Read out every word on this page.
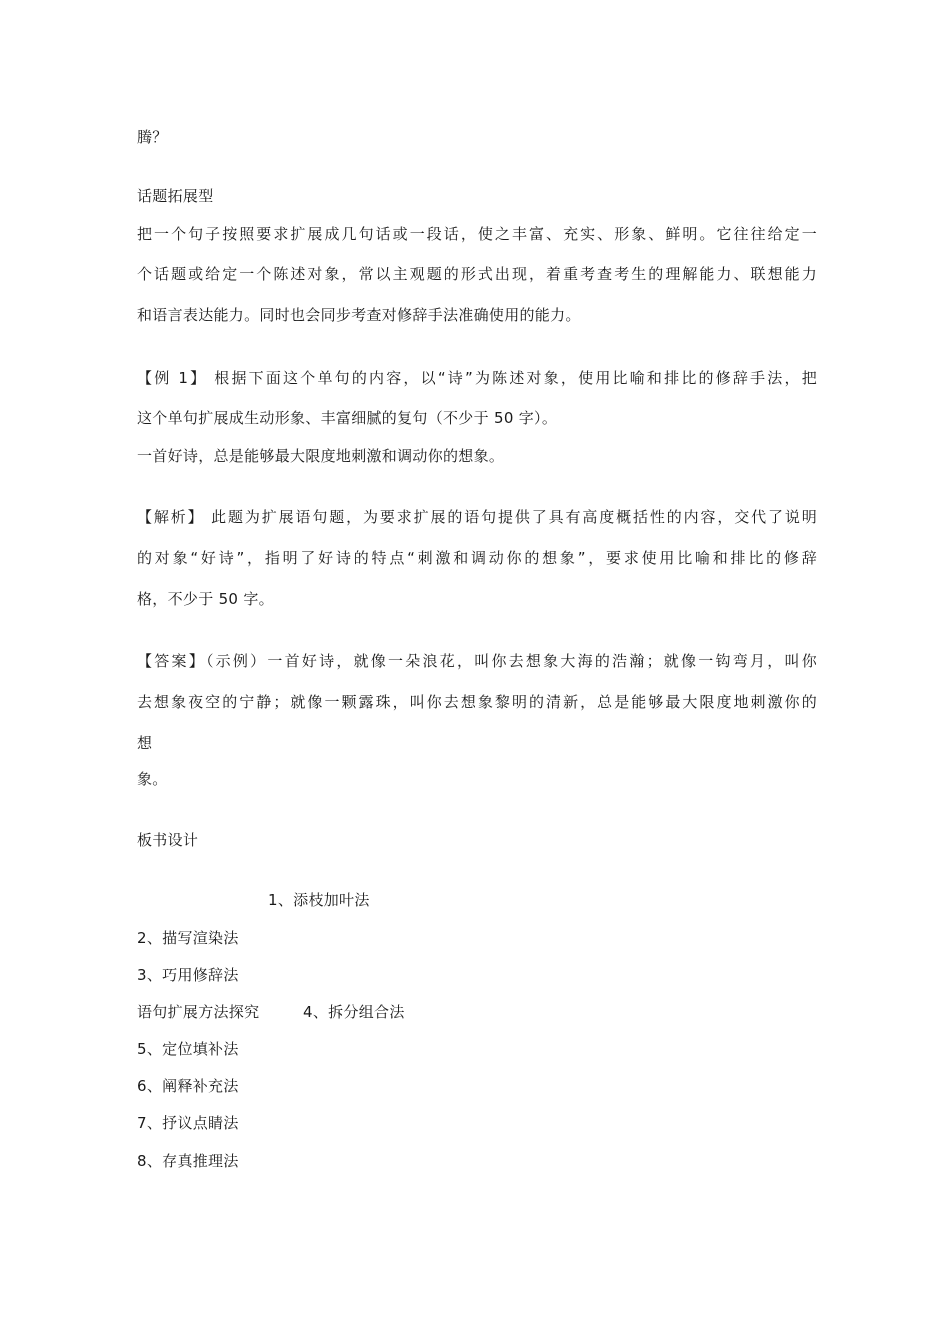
腾？
话题拓展型
把一个句子按照要求扩展成几句话或一段话，使之丰富、充实、形象、鲜明。它往往给定一
个话题或给定一个陈述对象，常以主观题的形式出现，着重考查考生的理解能力、联想能力
和语言表达能力。同时也会同步考查对修辞手法准确使用的能力。
【例 1】 根据下面这个单句的内容，以“诗”为陈述对象，使用比喻和排比的修辞手法，把
这个单句扩展成生动形象、丰富细腻的复句（不少于 50 字）。
一首好诗，总是能够最大限度地刺激和调动你的想象。
【解析】 此题为扩展语句题，为要求扩展的语句提供了具有高度概括性的内容，交代了说明
的对象“好诗”，指明了好诗的特点“刺激和调动你的想象”，要求使用比喻和排比的修辞
格，不少于 50 字。
【答案】（示例）一首好诗，就像一朵浪花，叫你去想象大海的浩瀚；就像一钩弯月，叫你
去想象夜空的宁静；就像一颗露珠，叫你去想象黎明的清新，总是能够最大限度地刺激你的
想
象。
板书设计
1、添枝加叶法
2、描写渲染法
3、巧用修辞法
语句扩展方法探究	4、拆分组合法
5、定位填补法
6、阐释补充法
7、抒议点睛法
8、存真推理法
